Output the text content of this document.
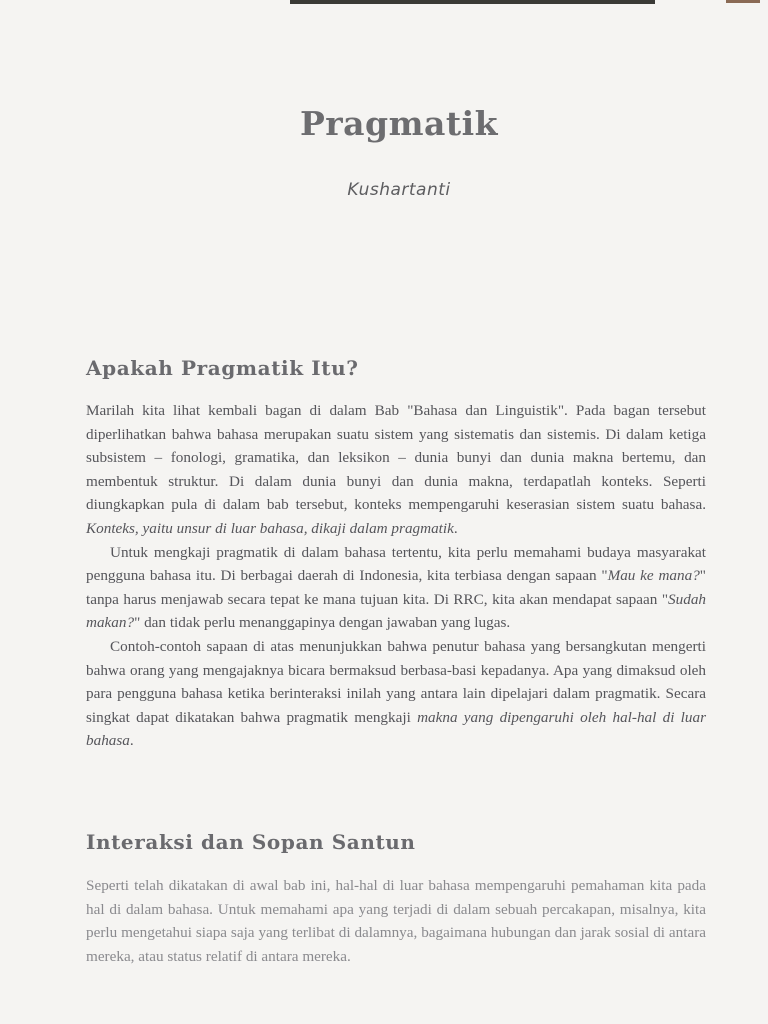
Pragmatik
Kushartanti
Apakah Pragmatik Itu?

Marilah kita lihat kembali bagan di dalam Bab "Bahasa dan Linguistik". Pada bagan tersebut diperlihatkan bahwa bahasa merupakan suatu sistem yang sistematis dan sistemis. Di dalam ketiga subsistem – fonologi, gramatika, dan leksikon – dunia bunyi dan dunia makna bertemu, dan membentuk struktur. Di dalam dunia bunyi dan dunia makna, terdapatlah konteks. Seperti diungkapkan pula di dalam bab tersebut, konteks mempengaruhi keserasian sistem suatu bahasa. Konteks, yaitu unsur di luar bahasa, dikaji dalam pragmatik.

Untuk mengkaji pragmatik di dalam bahasa tertentu, kita perlu memahami budaya masyarakat pengguna bahasa itu. Di berbagai daerah di Indonesia, kita terbiasa dengan sapaan "Mau ke mana?" tanpa harus menjawab secara tepat ke mana tujuan kita. Di RRC, kita akan mendapat sapaan "Sudah makan?" dan tidak perlu menanggapinya dengan jawaban yang lugas.

Contoh-contoh sapaan di atas menunjukkan bahwa penutur bahasa yang bersangkutan mengerti bahwa orang yang mengajaknya bicara bermaksud berbasa-basi kepadanya. Apa yang dimaksud oleh para pengguna bahasa ketika berinteraksi inilah yang antara lain dipelajari dalam pragmatik. Secara singkat dapat dikatakan bahwa pragmatik mengkaji makna yang dipengaruhi oleh hal-hal di luar bahasa.

Interaksi dan Sopan Santun

Seperti telah dikatakan di awal bab ini, hal-hal di luar bahasa mempengaruhi pemahaman kita pada hal di dalam bahasa. Untuk memahami apa yang terjadi di dalam sebuah percakapan, misalnya, kita perlu mengetahui siapa saja yang terlibat di dalamnya, bagaimana hubungan dan jarak sosial di antara mereka, atau status relatif di antara mereka.
